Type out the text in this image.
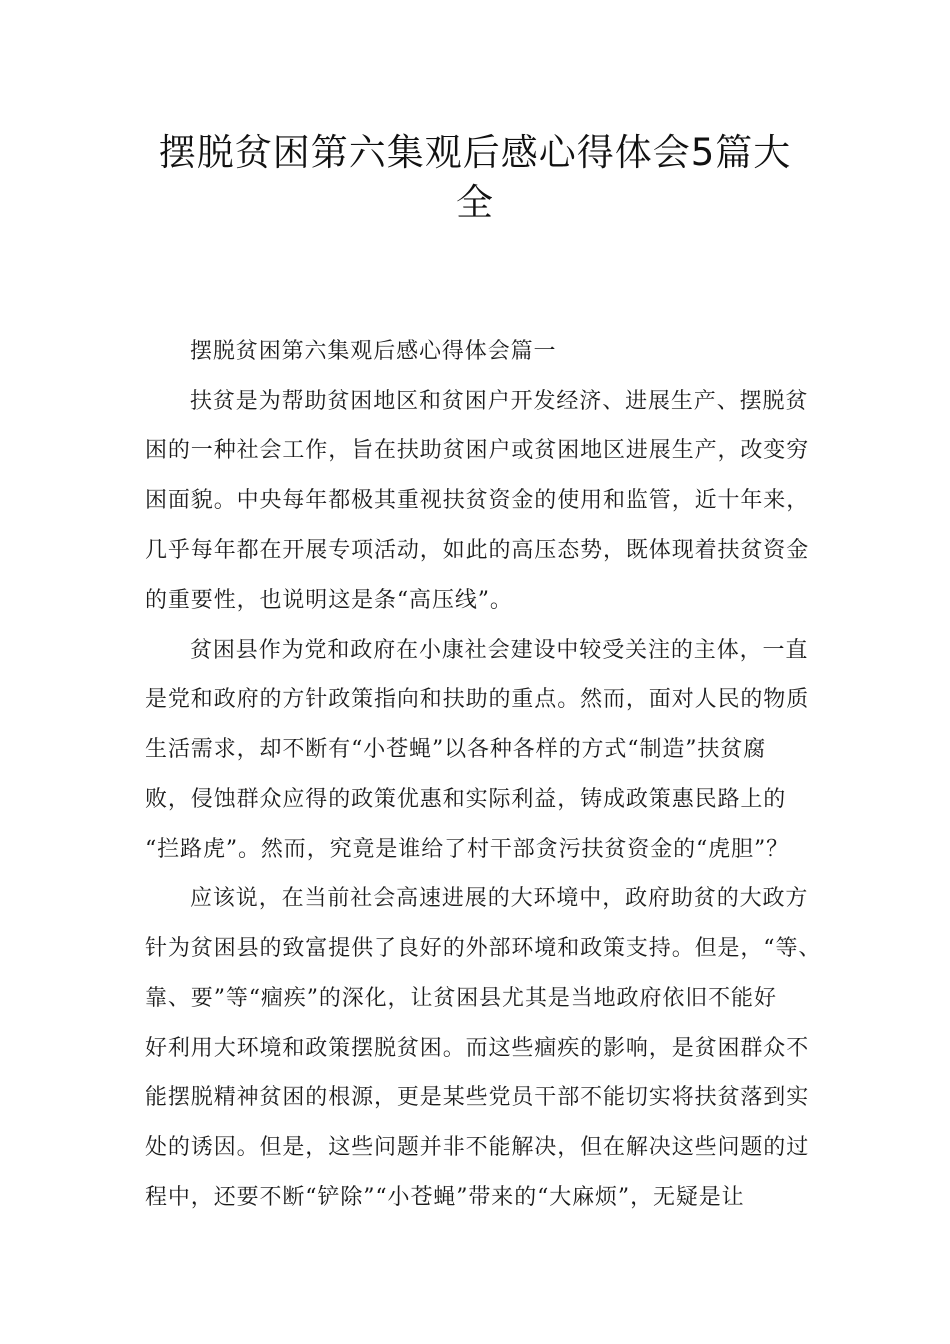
摆脱贫困第六集观后感心得体会5篇大
全

摆脱贫困第六集观后感心得体会篇一

扶贫是为帮助贫困地区和贫困户开发经济、进展生产、摆脱贫

困的一种社会工作，旨在扶助贫困户或贫困地区进展生产，改变穷

困面貌。中央每年都极其重视扶贫资金的使用和监管，近十年来，

几乎每年都在开展专项活动，如此的高压态势，既体现着扶贫资金

的重要性，也说明这是条“高压线”。

贫困县作为党和政府在小康社会建设中较受关注的主体，一直

是党和政府的方针政策指向和扶助的重点。然而，面对人民的物质

生活需求，却不断有“小苍蝇”以各种各样的方式“制造”扶贫腐

败，侵蚀群众应得的政策优惠和实际利益，铸成政策惠民路上的

“拦路虎”。然而，究竟是谁给了村干部贪污扶贫资金的“虎胆”？

应该说，在当前社会高速进展的大环境中，政府助贫的大政方

针为贫困县的致富提供了良好的外部环境和政策支持。但是，“等、

靠、要”等“痼疾”的深化，让贫困县尤其是当地政府依旧不能好

好利用大环境和政策摆脱贫困。而这些痼疾的影响，是贫困群众不

能摆脱精神贫困的根源，更是某些党员干部不能切实将扶贫落到实

处的诱因。但是，这些问题并非不能解决，但在解决这些问题的过

程中，还要不断“铲除”“小苍蝇”带来的“大麻烦”，无疑是让
